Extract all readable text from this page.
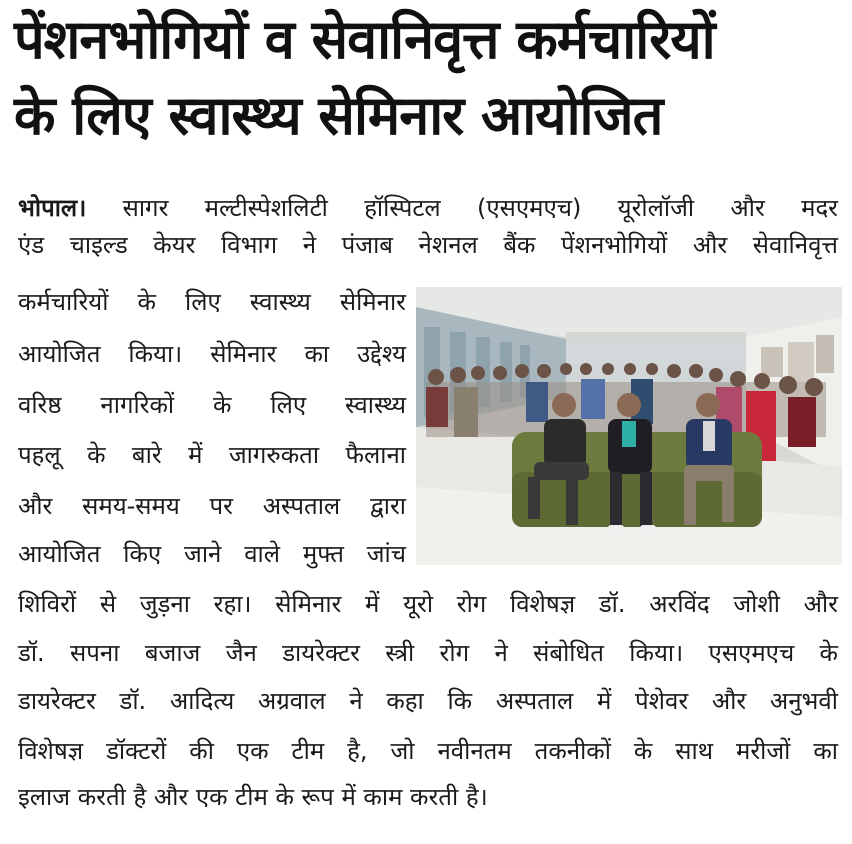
पेंशनभोगियों व सेवानिवृत्त कर्मचारियों
के लिए स्वास्थ्य सेमिनार आयोजित
भोपाल। सागर मल्टीस्पेशलिटी हॉस्पिटल (एसएमएच) यूरोलॉजी और मदर
एंड चाइल्ड केयर विभाग ने पंजाब नेशनल बैंक पेंशनभोगियों और सेवानिवृत्त
कर्मचारियों के लिए स्वास्थ्य सेमिनार
आयोजित किया। सेमिनार का उद्देश्य
वरिष्ठ नागरिकों के लिए स्वास्थ्य
पहलू के बारे में जागरुकता फैलाना
और समय-समय पर अस्पताल द्वारा
आयोजित किए जाने वाले मुफ्त जांच
शिविरों से जुड़ना रहा। सेमिनार में यूरो रोग विशेषज्ञ डॉ. अरविंद जोशी और
डॉ. सपना बजाज जैन डायरेक्टर स्त्री रोग ने संबोधित किया। एसएमएच के
डायरेक्टर डॉ. आदित्य अग्रवाल ने कहा कि अस्पताल में पेशेवर और अनुभवी
विशेषज्ञ डॉक्टरों की एक टीम है, जो नवीनतम तकनीकों के साथ मरीजों का
इलाज करती है और एक टीम के रूप में काम करती है।
